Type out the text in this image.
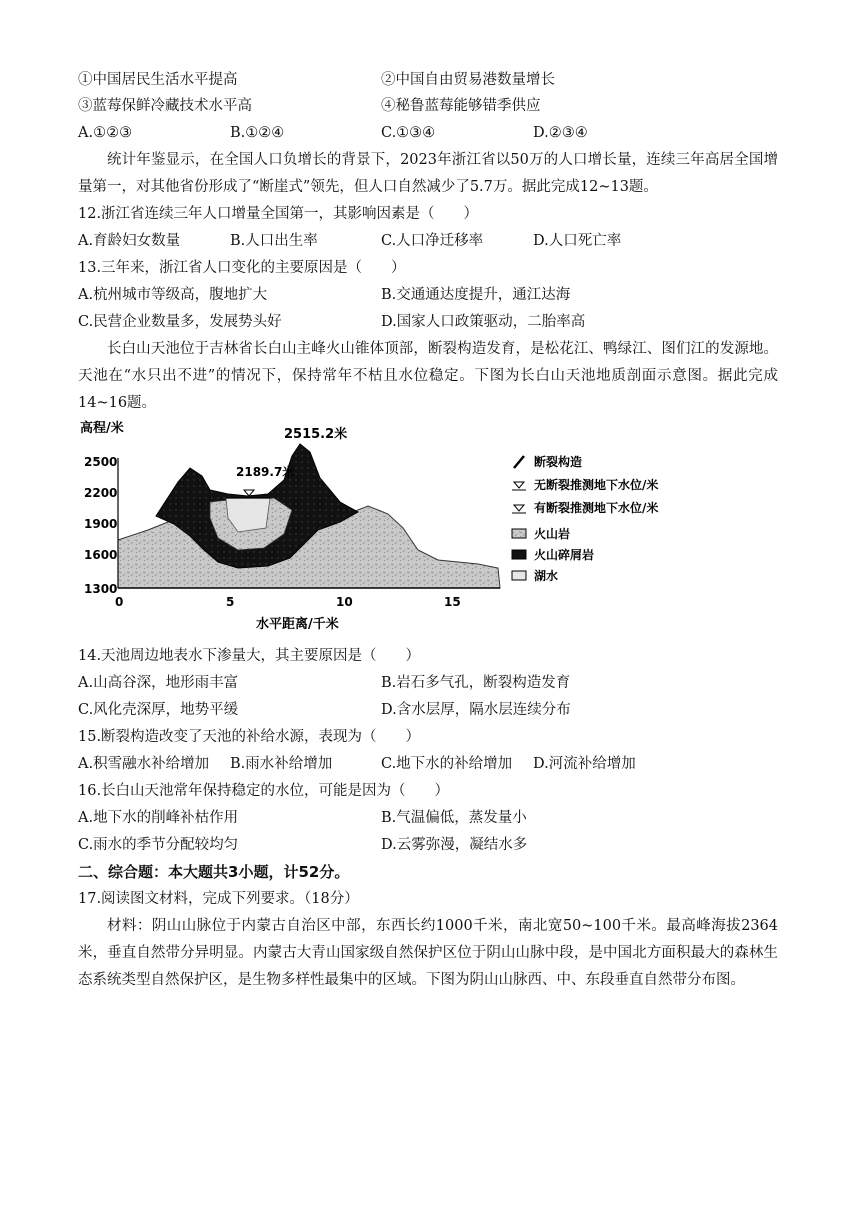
①中国居民生活水平提高	②中国自由贸易港数量增长
③蓝莓保鲜冷藏技术水平高	④秘鲁蓝莓能够错季供应
A.①②③	B.①②④	C.①③④	D.②③④

统计年鉴显示，在全国人口负增长的背景下，2023年浙江省以50万的人口增长量，连续三年高居全国增量第一，对其他省份形成了“断崖式”领先，但人口自然减少了5.7万。据此完成12~13题。

12.浙江省连续三年人口增量全国第一，其影响因素是（　　）
A.育龄妇女数量	B.人口出生率	C.人口净迁移率	D.人口死亡率
13.三年来，浙江省人口变化的主要原因是（　　）
A.杭州城市等级高，腹地扩大	B.交通通达度提升，通江达海
C.民营企业数量多，发展势头好	D.国家人口政策驱动，二胎率高

长白山天池位于吉林省长白山主峰火山锥体顶部，断裂构造发育，是松花江、鸭绿江、图们江的发源地。天池在“水只出不进”的情况下，保持常年不枯且水位稳定。下图为长白山天池地质剖面示意图。据此完成14~16题。

高程/米
2500
2200
1900
1600
1300
2515.2米
2189.7米
0	5	10	15
水平距离/千米
断裂构造
无断裂推测地下水位/米
有断裂推测地下水位/米
火山岩
火山碎屑岩
湖水
14.天池周边地表水下渗量大，其主要原因是（　　）
A.山高谷深，地形雨丰富	B.岩石多气孔，断裂构造发育
C.风化壳深厚，地势平缓	D.含水层厚，隔水层连续分布
15.断裂构造改变了天池的补给水源，表现为（　　）
A.积雪融水补给增加 B.雨水补给增加	C.地下水的补给增加 D.河流补给增加
16.长白山天池常年保持稳定的水位，可能是因为（　　）
A.地下水的削峰补枯作用	B.气温偏低，蒸发量小
C.雨水的季节分配较均匀	D.云雾弥漫，凝结水多
二、综合题：本大题共3小题，计52分。
17.阅读图文材料，完成下列要求。（18分）

材料：阴山山脉位于内蒙古自治区中部，东西长约1000千米，南北宽50~100千米。最高峰海拔2364米，垂直自然带分异明显。内蒙古大青山国家级自然保护区位于阴山山脉中段，是中国北方面积最大的森林生态系统类型自然保护区，是生物多样性最集中的区域。下图为阴山山脉西、中、东段垂直自然带分布图。
